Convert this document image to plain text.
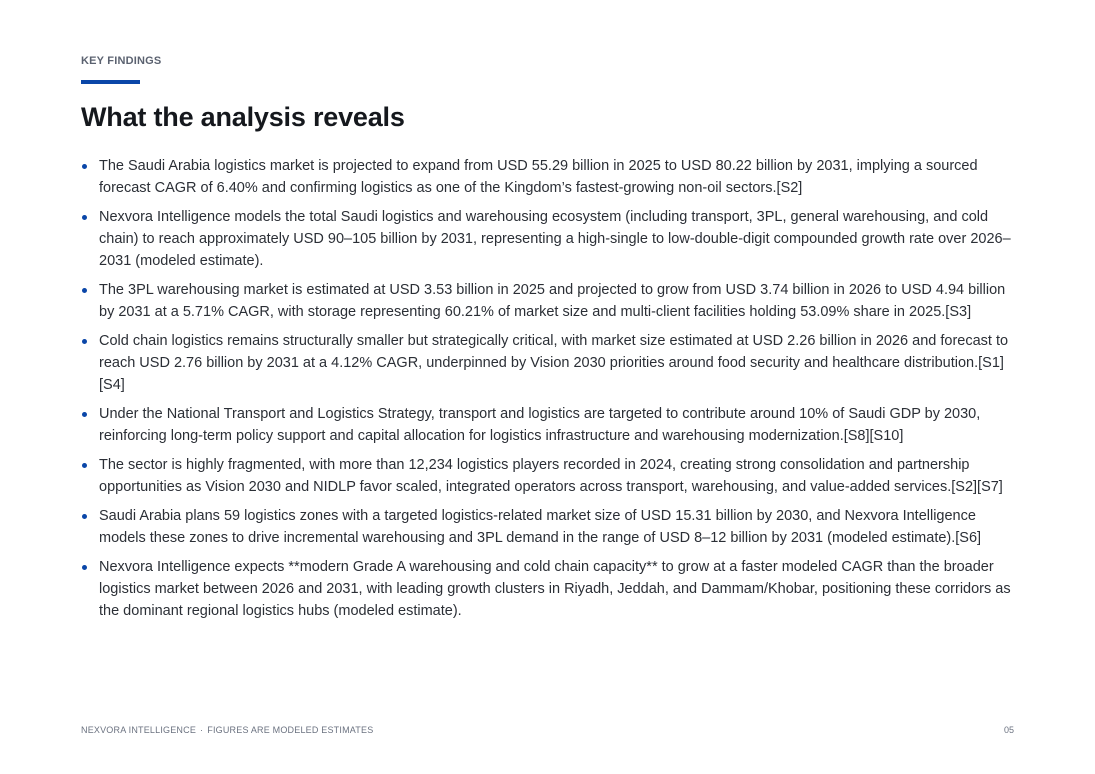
KEY FINDINGS
What the analysis reveals
The Saudi Arabia logistics market is projected to expand from USD 55.29 billion in 2025 to USD 80.22 billion by 2031, implying a sourced forecast CAGR of 6.40% and confirming logistics as one of the Kingdom’s fastest-growing non-oil sectors.[S2]
Nexvora Intelligence models the total Saudi logistics and warehousing ecosystem (including transport, 3PL, general warehousing, and cold chain) to reach approximately USD 90–105 billion by 2031, representing a high-single to low-double-digit compounded growth rate over 2026–2031 (modeled estimate).
The 3PL warehousing market is estimated at USD 3.53 billion in 2025 and projected to grow from USD 3.74 billion in 2026 to USD 4.94 billion by 2031 at a 5.71% CAGR, with storage representing 60.21% of market size and multi-client facilities holding 53.09% share in 2025.[S3]
Cold chain logistics remains structurally smaller but strategically critical, with market size estimated at USD 2.26 billion in 2026 and forecast to reach USD 2.76 billion by 2031 at a 4.12% CAGR, underpinned by Vision 2030 priorities around food security and healthcare distribution.[S1][S4]
Under the National Transport and Logistics Strategy, transport and logistics are targeted to contribute around 10% of Saudi GDP by 2030, reinforcing long-term policy support and capital allocation for logistics infrastructure and warehousing modernization.[S8][S10]
The sector is highly fragmented, with more than 12,234 logistics players recorded in 2024, creating strong consolidation and partnership opportunities as Vision 2030 and NIDLP favor scaled, integrated operators across transport, warehousing, and value-added services.[S2][S7]
Saudi Arabia plans 59 logistics zones with a targeted logistics-related market size of USD 15.31 billion by 2030, and Nexvora Intelligence models these zones to drive incremental warehousing and 3PL demand in the range of USD 8–12 billion by 2031 (modeled estimate).[S6]
Nexvora Intelligence expects **modern Grade A warehousing and cold chain capacity** to grow at a faster modeled CAGR than the broader logistics market between 2026 and 2031, with leading growth clusters in Riyadh, Jeddah, and Dammam/Khobar, positioning these corridors as the dominant regional logistics hubs (modeled estimate).
NEXVORA INTELLIGENCE · FIGURES ARE MODELED ESTIMATES	05
